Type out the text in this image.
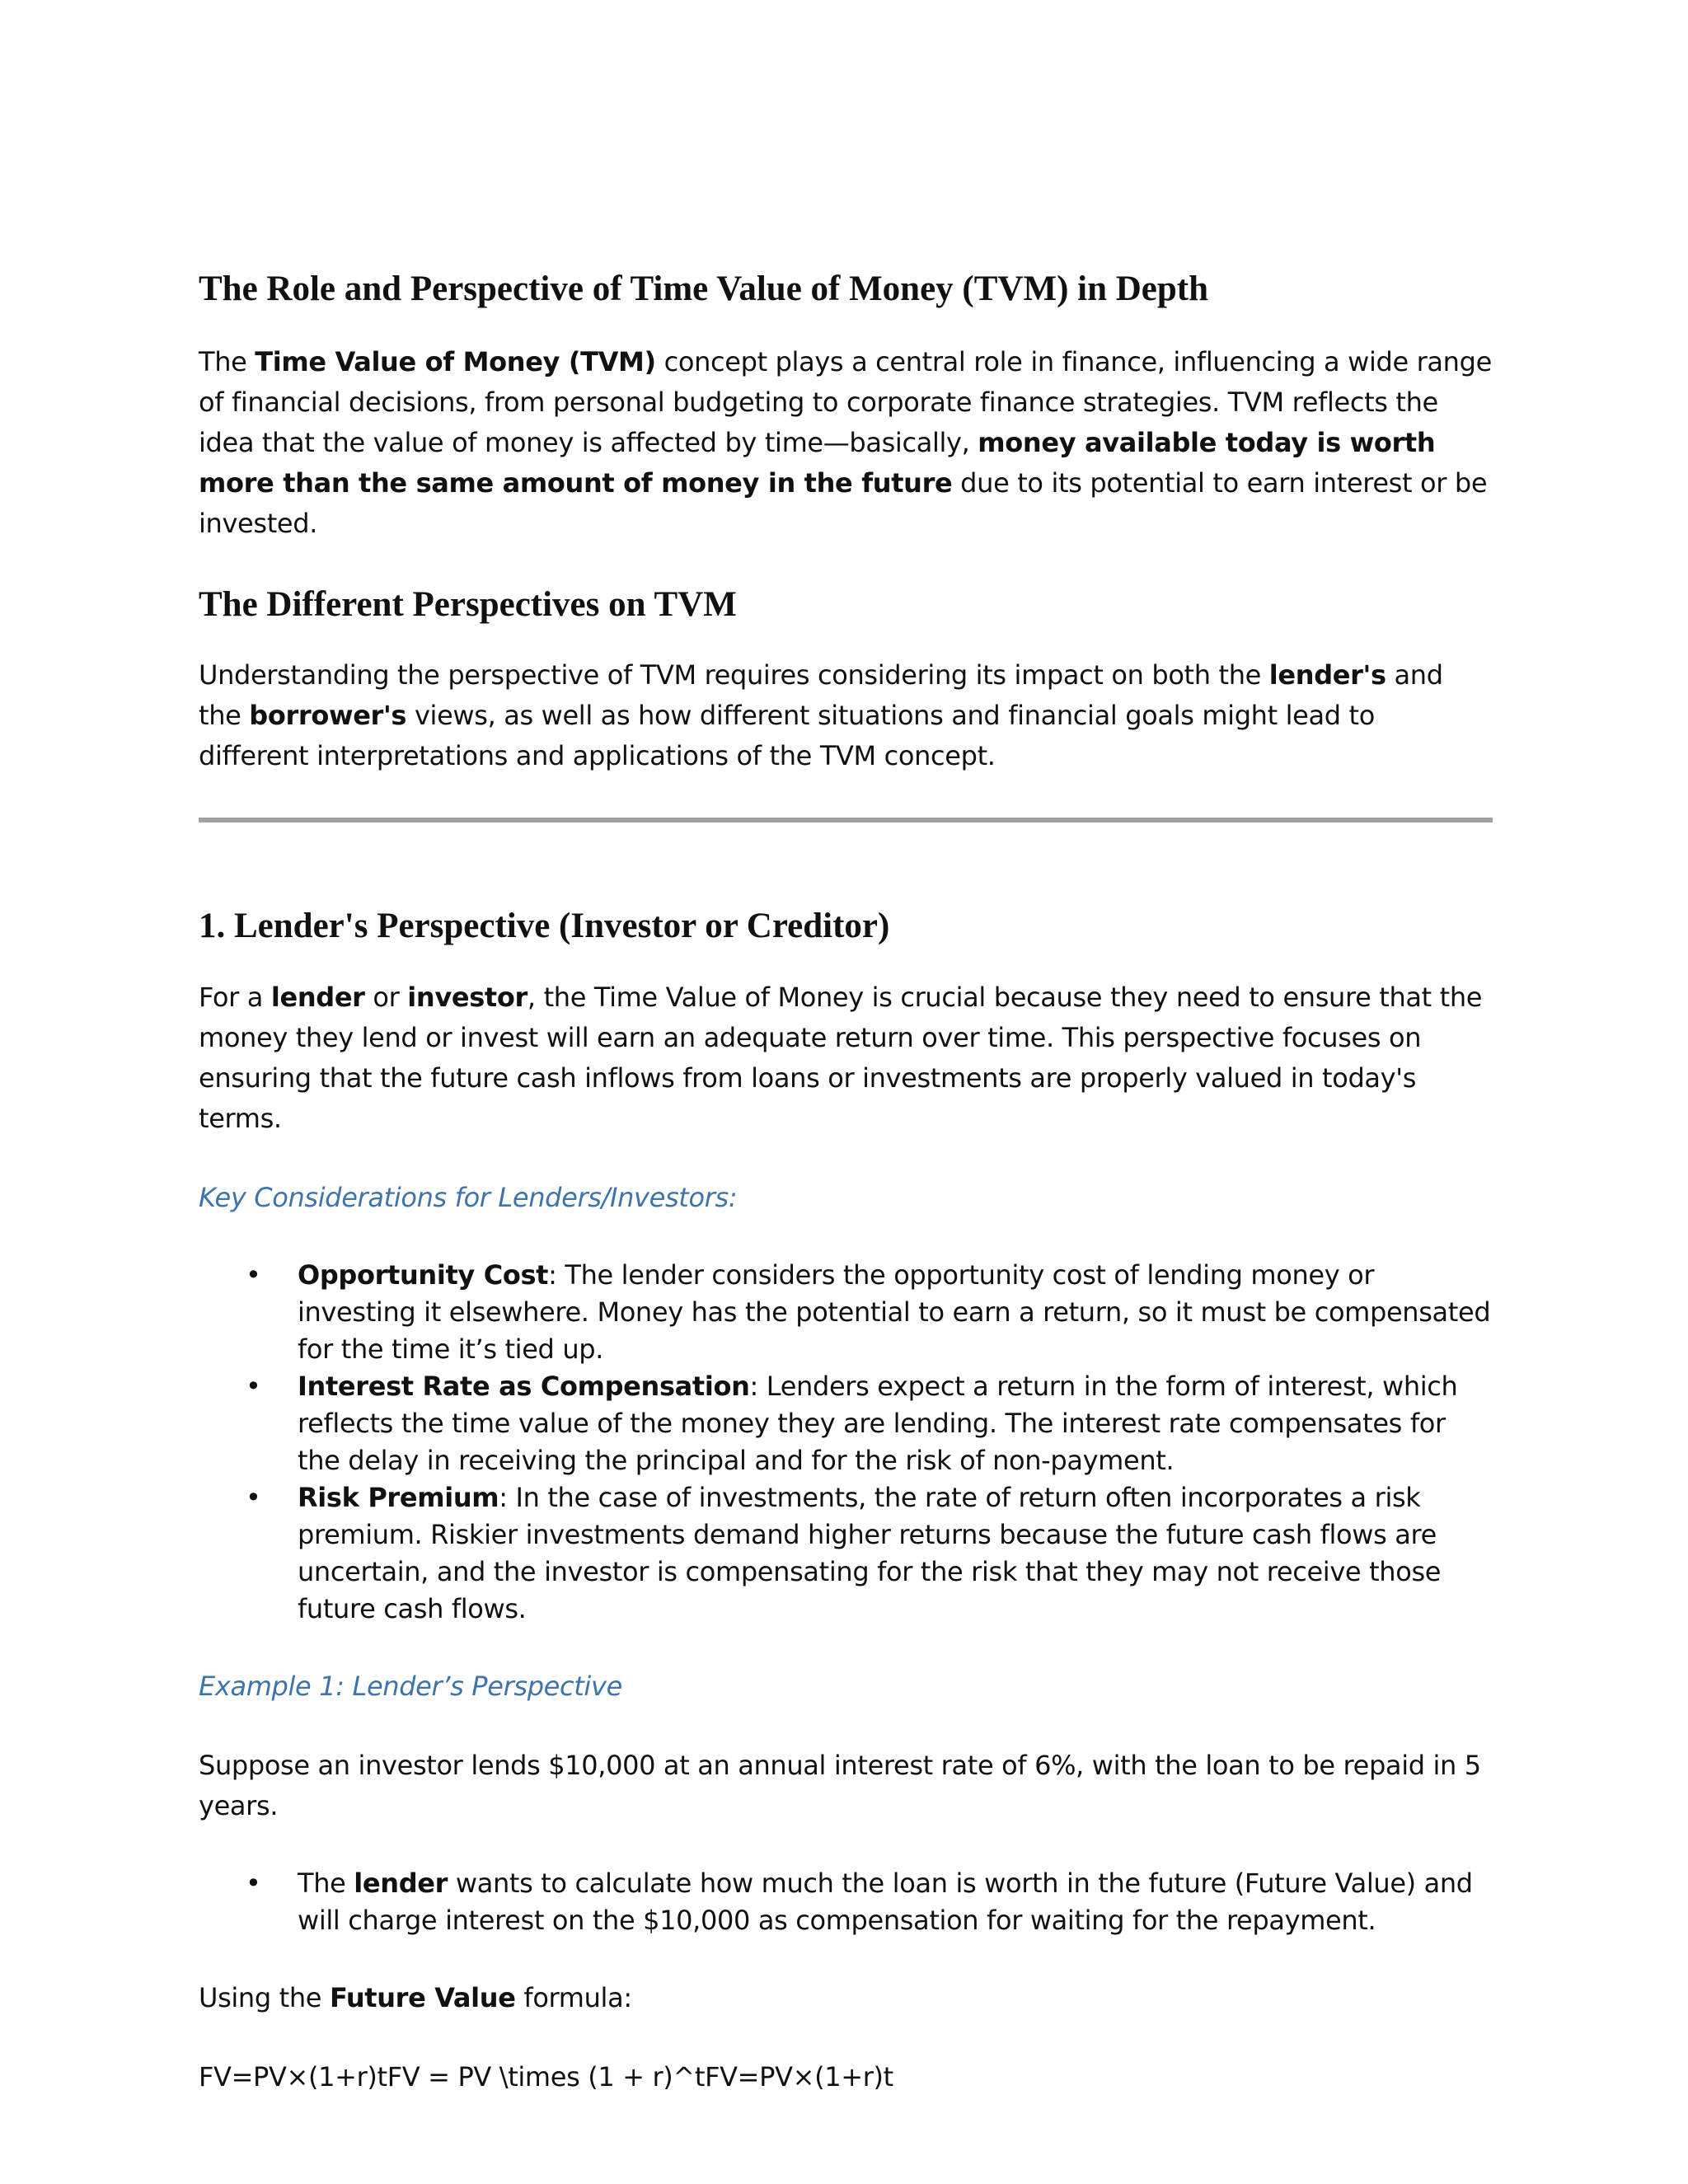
The Role and Perspective of Time Value of Money (TVM) in Depth

The Time Value of Money (TVM) concept plays a central role in finance, influencing a wide range of financial decisions, from personal budgeting to corporate finance strategies. TVM reflects the idea that the value of money is affected by time—basically, money available today is worth more than the same amount of money in the future due to its potential to earn interest or be invested.

The Different Perspectives on TVM

Understanding the perspective of TVM requires considering its impact on both the lender's and the borrower's views, as well as how different situations and financial goals might lead to different interpretations and applications of the TVM concept.

1. Lender's Perspective (Investor or Creditor)

For a lender or investor, the Time Value of Money is crucial because they need to ensure that the money they lend or invest will earn an adequate return over time. This perspective focuses on ensuring that the future cash inflows from loans or investments are properly valued in today's terms.

Key Considerations for Lenders/Investors:
• Opportunity Cost: The lender considers the opportunity cost of lending money or investing it elsewhere. Money has the potential to earn a return, so it must be compensated for the time it’s tied up.
• Interest Rate as Compensation: Lenders expect a return in the form of interest, which reflects the time value of the money they are lending. The interest rate compensates for the delay in receiving the principal and for the risk of non-payment.
• Risk Premium: In the case of investments, the rate of return often incorporates a risk premium. Riskier investments demand higher returns because the future cash flows are uncertain, and the investor is compensating for the risk that they may not receive those future cash flows.
Example 1: Lender’s Perspective

Suppose an investor lends $10,000 at an annual interest rate of 6%, with the loan to be repaid in 5 years.

• The lender wants to calculate how much the loan is worth in the future (Future Value) and will charge interest on the $10,000 as compensation for waiting for the repayment.

Using the Future Value formula:

FV=PV×(1+r)tFV = PV \times (1 + r)^tFV=PV×(1+r)t
